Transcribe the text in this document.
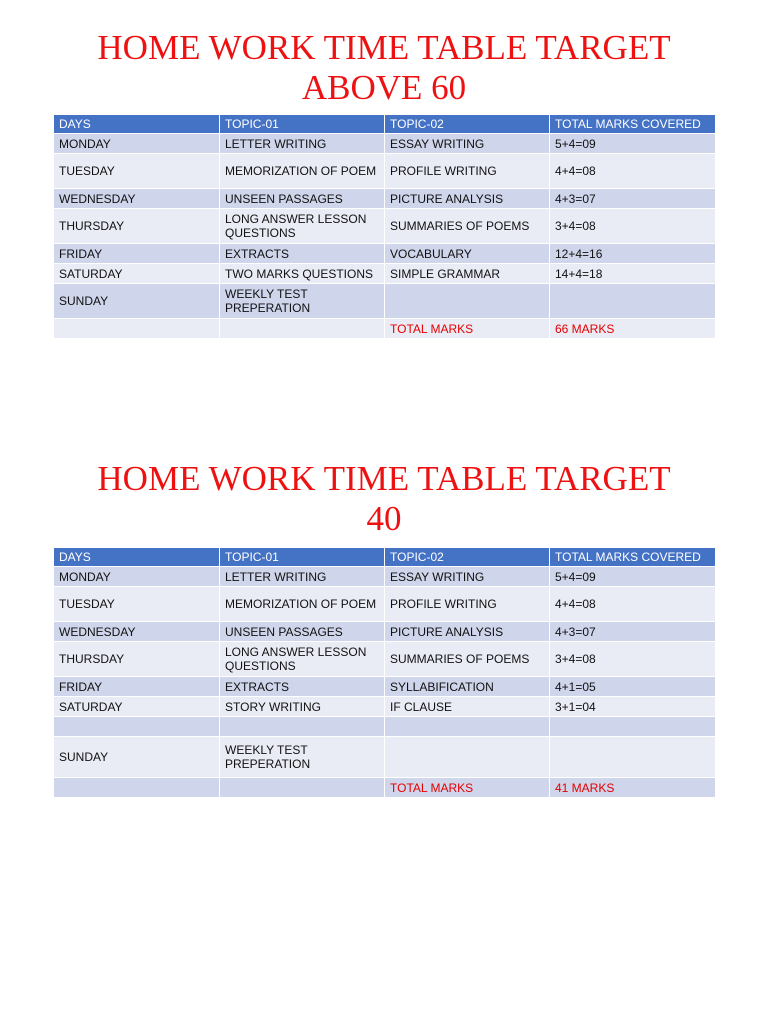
HOME WORK TIME TABLE TARGET
ABOVE 60
DAYS	TOPIC-01	TOPIC-02	TOTAL MARKS COVERED
MONDAY	LETTER WRITING	ESSAY WRITING	5+4=09
TUESDAY	MEMORIZATION OF POEM	PROFILE WRITING	4+4=08
WEDNESDAY	UNSEEN PASSAGES	PICTURE ANALYSIS	4+3=07
THURSDAY	LONG ANSWER LESSON QUESTIONS	SUMMARIES OF POEMS	3+4=08
FRIDAY	EXTRACTS	VOCABULARY	12+4=16
SATURDAY	TWO MARKS QUESTIONS	SIMPLE GRAMMAR	14+4=18
SUNDAY	WEEKLY TEST PREPERATION		
		TOTAL MARKS	66 MARKS
HOME WORK TIME TABLE TARGET
40
DAYS	TOPIC-01	TOPIC-02	TOTAL MARKS COVERED
MONDAY	LETTER WRITING	ESSAY WRITING	5+4=09
TUESDAY	MEMORIZATION OF POEM	PROFILE WRITING	4+4=08
WEDNESDAY	UNSEEN PASSAGES	PICTURE ANALYSIS	4+3=07
THURSDAY	LONG ANSWER LESSON QUESTIONS	SUMMARIES OF POEMS	3+4=08
FRIDAY	EXTRACTS	SYLLABIFICATION	4+1=05
SATURDAY	STORY WRITING	IF CLAUSE	3+1=04

SUNDAY	WEEKLY TEST PREPERATION		
		TOTAL MARKS	41 MARKS
